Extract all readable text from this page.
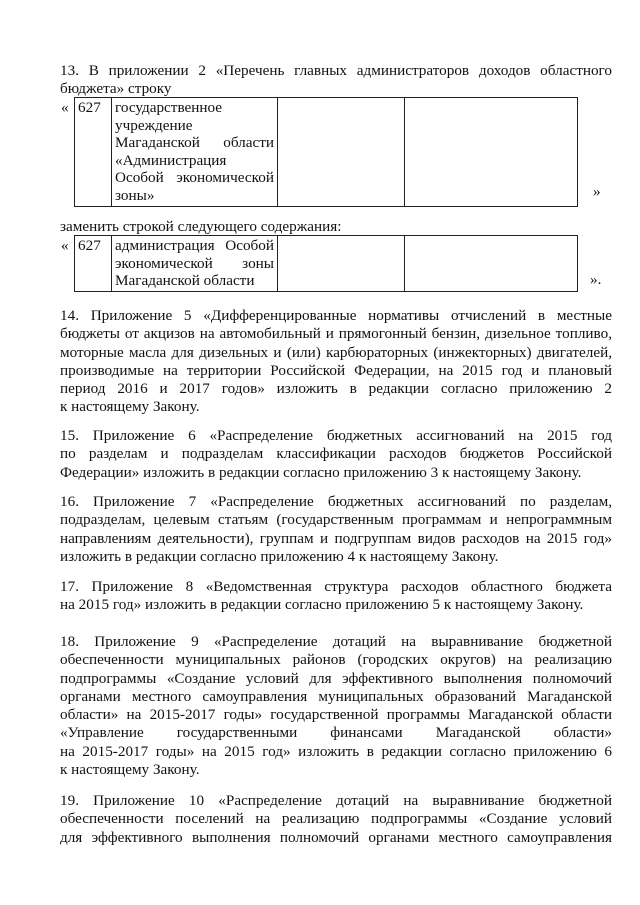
13. В приложении 2 «Перечень главных администраторов доходов областного
бюджета» строку
« 627	государственное
учреждение
Магаданской области
«Администрация
Особой экономической
зоны»
			»

заменить строкой следующего содержания:

« 627	администрация Особой
экономической зоны
Магаданской области
			».
14. Приложение 5 «Дифференцированные нормативы отчислений в местные
бюджеты от акцизов на автомобильный и прямогонный бензин, дизельное топливо,
моторные масла для дизельных и (или) карбюраторных (инжекторных) двигателей,
производимые на территории Российской Федерации, на 2015 год и плановый
период 2016 и 2017 годов» изложить в редакции согласно приложению 2
к настоящему Закону.
15. Приложение 6 «Распределение бюджетных ассигнований на 2015 год
по разделам и подразделам классификации расходов бюджетов Российской
Федерации» изложить в редакции согласно приложению 3 к настоящему Закону.
16. Приложение 7 «Распределение бюджетных ассигнований по разделам,
подразделам, целевым статьям (государственным программам и непрограммным
направлениям деятельности), группам и подгруппам видов расходов на 2015 год»
изложить в редакции согласно приложению 4 к настоящему Закону.
17. Приложение 8 «Ведомственная структура расходов областного бюджета
на 2015 год» изложить в редакции согласно приложению 5 к настоящему Закону.
18. Приложение 9 «Распределение дотаций на выравнивание бюджетной
обеспеченности муниципальных районов (городских округов) на реализацию
подпрограммы «Создание условий для эффективного выполнения полномочий
органами местного самоуправления муниципальных образований Магаданской
области» на 2015-2017 годы» государственной программы Магаданской области
«Управление государственными финансами Магаданской области»
на 2015-2017 годы» на 2015 год» изложить в редакции согласно приложению 6
к настоящему Закону.
19. Приложение 10 «Распределение дотаций на выравнивание бюджетной
обеспеченности поселений на реализацию подпрограммы «Создание условий
для эффективного выполнения полномочий органами местного самоуправления
